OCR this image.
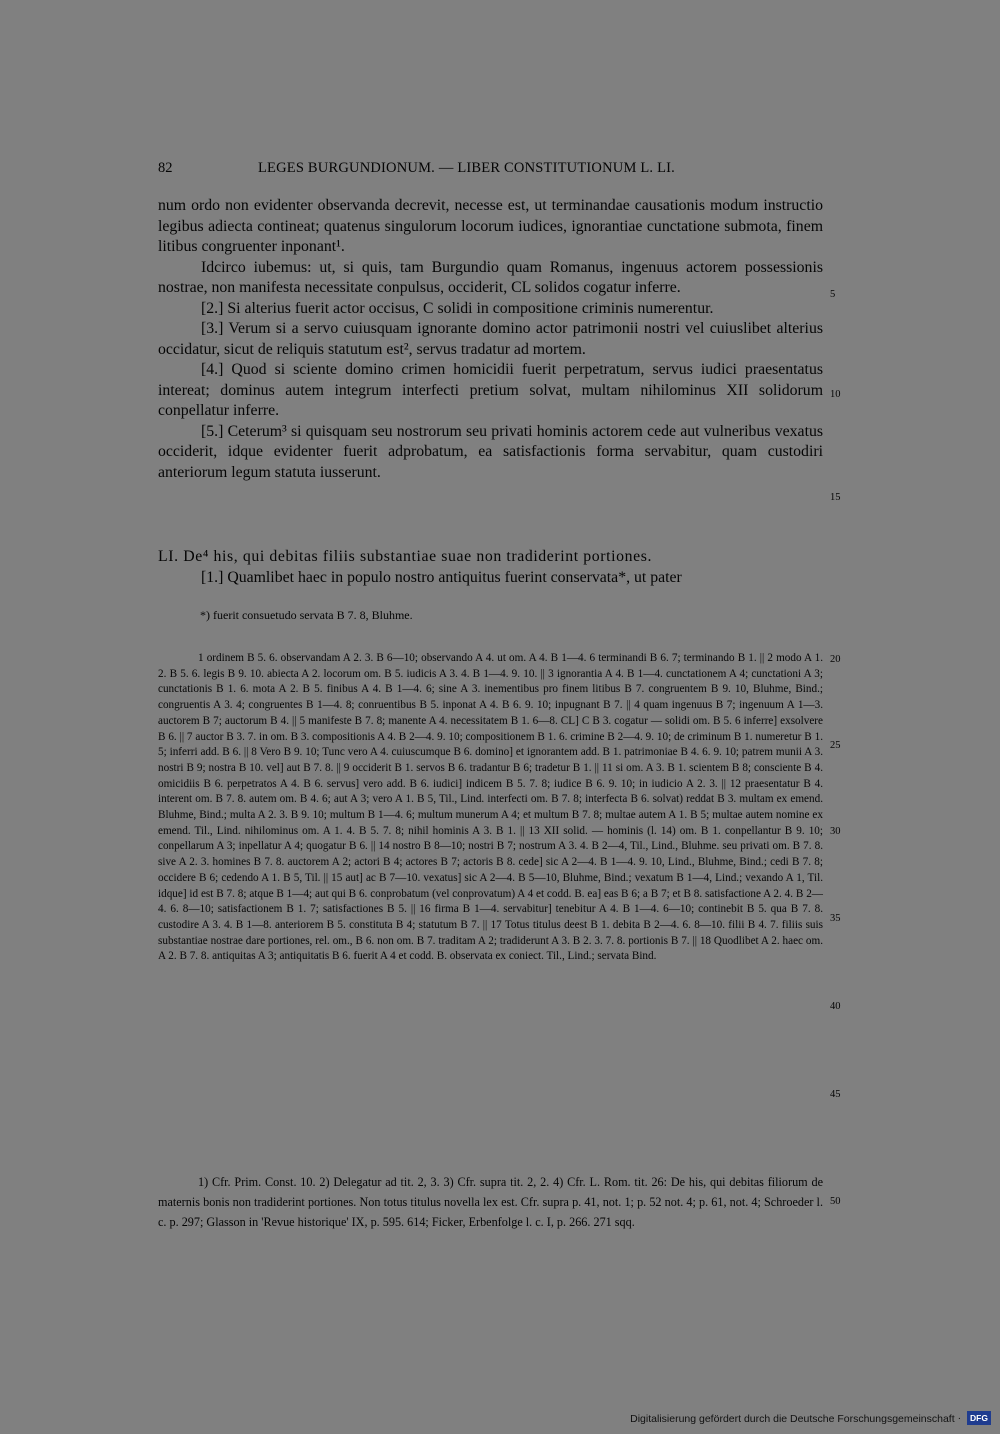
82	LEGES BURGUNDIONUM. — LIBER CONSTITUTIONUM L. LI.

num ordo non evidenter observanda decrevit, necesse est, ut terminandae causationis modum instructio legibus adiecta contineat; quatenus singulorum locorum iudices, ignorantiae cunctatione submota, finem litibus congruenter inponant¹.

Idcirco iubemus: ut, si quis, tam Burgundio quam Romanus, ingenuus actorem possessionis nostrae, non manifesta necessitate conpulsus, occiderit, CL solidos cogatur inferre.

[2.] Si alterius fuerit actor occisus, C solidi in compositione criminis numerentur.

[3.] Verum si a servo cuiusquam ignorante domino actor patrimonii nostri vel cuiuslibet alterius occidatur, sicut de reliquis statutum est², servus tradatur ad mortem.

[4.] Quod si sciente domino crimen homicidii fuerit perpetratum, servus iudici praesentatus intereat; dominus autem integrum interfecti pretium solvat, multam nihilominus XII solidorum conpellatur inferre.

[5.] Ceterum³ si quisquam seu nostrorum seu privati hominis actorem cede aut vulneribus vexatus occiderit, idque evidenter fuerit adprobatum, ea satisfactionis forma servabitur, quam custodiri anteriorum legum statuta iusserunt.

LI. De⁴ his, qui debitas filiis substantiae suae non tradiderint portiones.

[1.] Quamlibet haec in populo nostro antiquitus fuerint conservata*, ut pater

*) fuerit consuetudo servata B 7. 8, Bluhme.

1 ordinem B 5. 6. observandam A 2. 3. B 6—10; observando A 4. ut om. A 4. B 1—4. 6 terminandi B 6. 7; terminando B 1. || 2 modo A 1. 2. B 5. 6. legis B 9. 10. abiecta A 2. locorum om. B 5. iudicis A 3. 4. B 1—4. 9. 10. || 3 ignorantia A 4. B 1—4. cunctationem A 4; cunctationi A 3; cunctationis B 1. 6. mota A 2. B 5. finibus A 4. B 1—4. 6; sine A 3. inementibus pro finem litibus B 7. congruentem B 9. 10, Bluhme, Bind.; congruentis A 3. 4; congruentes B 1—4. 8; conruentibus B 5. inponat A 4. B 6. 9. 10; inpugnant B 7. || 4 quam ingenuus B 7; ingenuum A 1—3. auctorem B 7; auctorum B 4. || 5 manifeste B 7. 8; manente A 4. necessitatem B 1. 6—8. CL] C B 3. cogatur — solidi om. B 5. 6 inferre] exsolvere B 6. || 7 auctor B 3. 7. in om. B 3. compositionis A 4. B 2—4. 9. 10; compositionem B 1. 6. crimine B 2—4. 9. 10; de criminum B 1. numeretur B 1. 5; inferri add. B 6. || 8 Vero B 9. 10; Tunc vero A 4. cuiuscumque B 6. domino] et ignorantem add. B 1. patrimoniae B 4. 6. 9. 10; patrem munii A 3. nostri B 9; nostra B 10. vel] aut B 7. 8. || 9 occiderit B 1. servos B 6. tradantur B 6; tradetur B 1. || 11 si om. A 3. B 1. scientem B 8; consciente B 4. omicidiis B 6. perpetratos A 4. B 6. servus] vero add. B 6. iudici] indicem B 5. 7. 8; iudice B 6. 9. 10; in iudicio A 2. 3. || 12 praesentatur B 4. interent om. B 7. 8. autem om. B 4. 6; aut A 3; vero A 1. B 5, Til., Lind. interfecti om. B 7. 8; interfecta B 6. solvat) reddat B 3. multam ex emend. Bluhme, Bind.; multa A 2. 3. B 9. 10; multum B 1—4. 6; multum munerum A 4; et multum B 7. 8; multae autem A 1. B 5; multae autem nomine ex emend. Til., Lind. nihilominus om. A 1. 4. B 5. 7. 8; nihil hominis A 3. B 1. || 13 XII solid. — hominis (l. 14) om. B 1. conpellantur B 9. 10; conpellarum A 3; inpellatur A 4; quogatur B 6. || 14 nostro B 8—10; nostri B 7; nostrum A 3. 4. B 2—4, Til., Lind., Bluhme. seu privati om. B 7. 8. sive A 2. 3. homines B 7. 8. auctorem A 2; actori B 4; actores B 7; actoris B 8. cede] sic A 2—4. B 1—4. 9. 10, Lind., Bluhme, Bind.; cedi B 7. 8; occidere B 6; cedendo A 1. B 5, Til. || 15 aut] ac B 7—10. vexatus] sic A 2—4. B 5—10, Bluhme, Bind.; vexatum B 1—4, Lind.; vexando A 1, Til. idque] id est B 7. 8; atque B 1—4; aut qui B 6. conprobatum (vel conprovatum) A 4 et codd. B. ea] eas B 6; a B 7; et B 8. satisfactione A 2. 4. B 2—4. 6. 8—10; satisfactionem B 1. 7; satisfactiones B 5. || 16 firma B 1—4. servabitur] tenebitur A 4. B 1—4. 6—10; continebit B 5. qua B 7. 8. custodire A 3. 4. B 1—8. anteriorem B 5. constituta B 4; statutum B 7. || 17 Totus titulus deest B 1. debita B 2—4. 6. 8—10. filii B 4. 7. filiis suis substantiae nostrae dare portiones, rel. om., B 6. non om. B 7. traditam A 2; tradiderunt A 3. B 2. 3. 7. 8. portionis B 7. || 18 Quodlibet A 2. haec om. A 2. B 7. 8. antiquitas A 3; antiquitatis B 6. fuerit A 4 et codd. B. observata ex coniect. Til., Lind.; servata Bind.

1) Cfr. Prim. Const. 10. 2) Delegatur ad tit. 2, 3. 3) Cfr. supra tit. 2, 2. 4) Cfr. L. Rom. tit. 26: De his, qui debitas filiorum de maternis bonis non tradiderint portiones. Non totus titulus novella lex est. Cfr. supra p. 41, not. 1; p. 52 not. 4; p. 61, not. 4; Schroeder l. c. p. 297; Glasson in 'Revue historique' IX, p. 595. 614; Ficker, Erbenfolge l. c. I, p. 266. 271 sqq.

5
10
15
20
25
30
35
40
45
50
Digitalisierung gefördert durch die Deutsche Forschungsgemeinschaft · DFG
